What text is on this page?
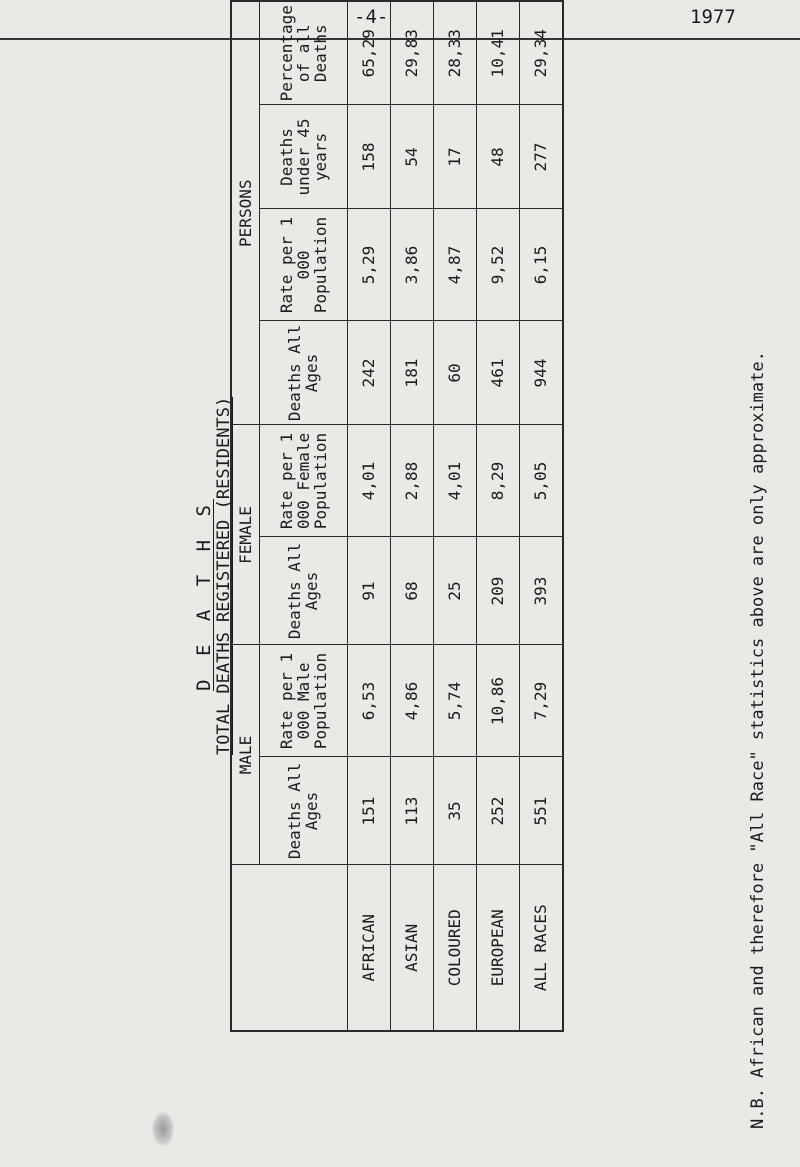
-4-	1977
D E A T H S TOTAL DEATHS REGISTERED (RESIDENTS)
	MALE		FEMALE		PERSONS			
	Deaths All Ages	Rate per 1 000 Male Population	Deaths All Ages	Rate per 1 000 Female Population	Deaths All Ages	Rate per 1 000 Population	Deaths under 45 years	Percentage of all Deaths
AFRICAN	151	6,53	91	4,01	242	5,29	158	65,29
ASIAN	113	4,86	68	2,88	181	3,86	54	29,83
COLOURED	35	5,74	25	4,01	60	4,87	17	28,33
EUROPEAN	252	10,86	209	8,29	461	9,52	48	10,41
ALL RACES	551	7,29	393	5,05	944	6,15	277	29,34
N.B. African and therefore "All Race" statistics above are only approximate.
